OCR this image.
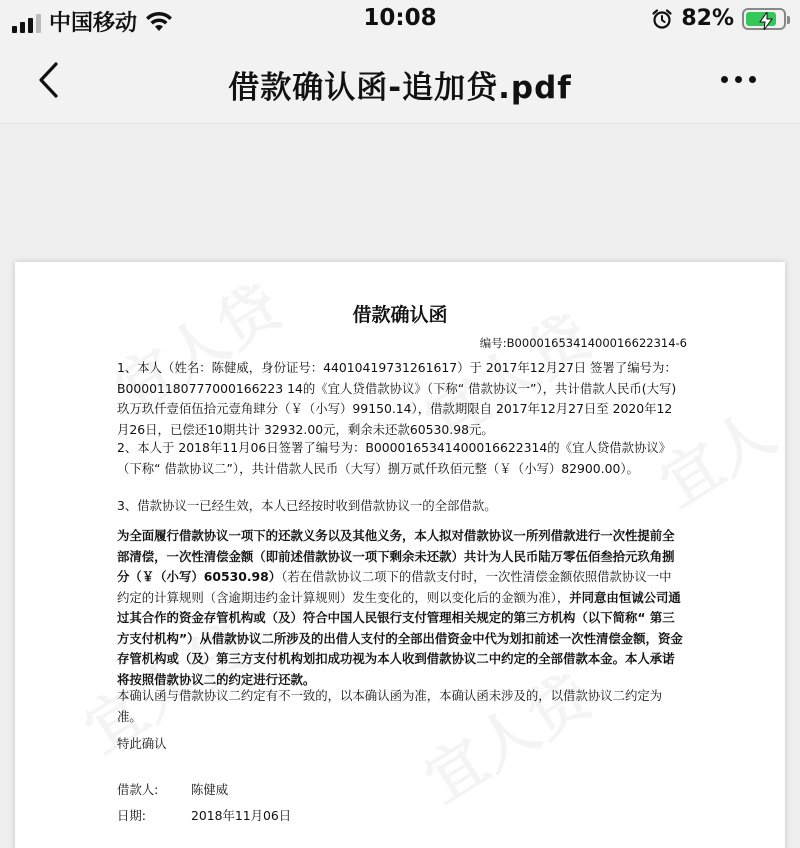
中国移动	10:08	82%
借款确认函-追加贷.pdf
借款确认函
编号:B0000165341400016622314-6

1、本人（姓名：陈健威，身份证号：44010419731261617）于 2017年12月27日 签署了编号为：B00001180777000166223 14的《宜人贷借款协议》（下称“ 借款协议一”），共计借款人民币(大写)玖万玖仟壹佰伍拾元壹角肆分（￥（小写）99150.14），借款期限自 2017年12月27日至 2020年12月26日，已偿还10期共计 32932.00元，剩余未还款60530.98元。

2、本人于 2018年11月06日签署了编号为：B0000165341400016622314的《宜人贷借款协议》（下称“ 借款协议二”），共计借款人民币（大写）捌万贰仟玖佰元整（￥（小写）82900.00）。

3、借款协议一已经生效，本人已经按时收到借款协议一的全部借款。

为全面履行借款协议一项下的还款义务以及其他义务，本人拟对借款协议一所列借款进行一次性提前全部清偿，一次性清偿金额（即前述借款协议一项下剩余未还款）共计为人民币陆万零伍佰叁拾元玖角捌分（￥（小写）60530.98）（若在借款协议二项下的借款支付时，一次性清偿金额依照借款协议一中约定的计算规则（含逾期违约金计算规则）发生变化的，则以变化后的金额为准），并同意由恒诚公司通过其合作的资金存管机构或（及）符合中国人民银行支付管理相关规定的第三方机构（以下简称“ 第三方支付机构”）从借款协议二所涉及的出借人支付的全部出借资金中代为划扣前述一次性清偿金额，资金存管机构或（及）第三方支付机构划扣成功视为本人收到借款协议二中约定的全部借款本金。本人承诺将按照借款协议二的约定进行还款。

本确认函与借款协议二约定有不一致的，以本确认函为准，本确认函未涉及的，以借款协议二约定为准。

特此确认

借款人:	陈健威
日期:	2018年11月06日
